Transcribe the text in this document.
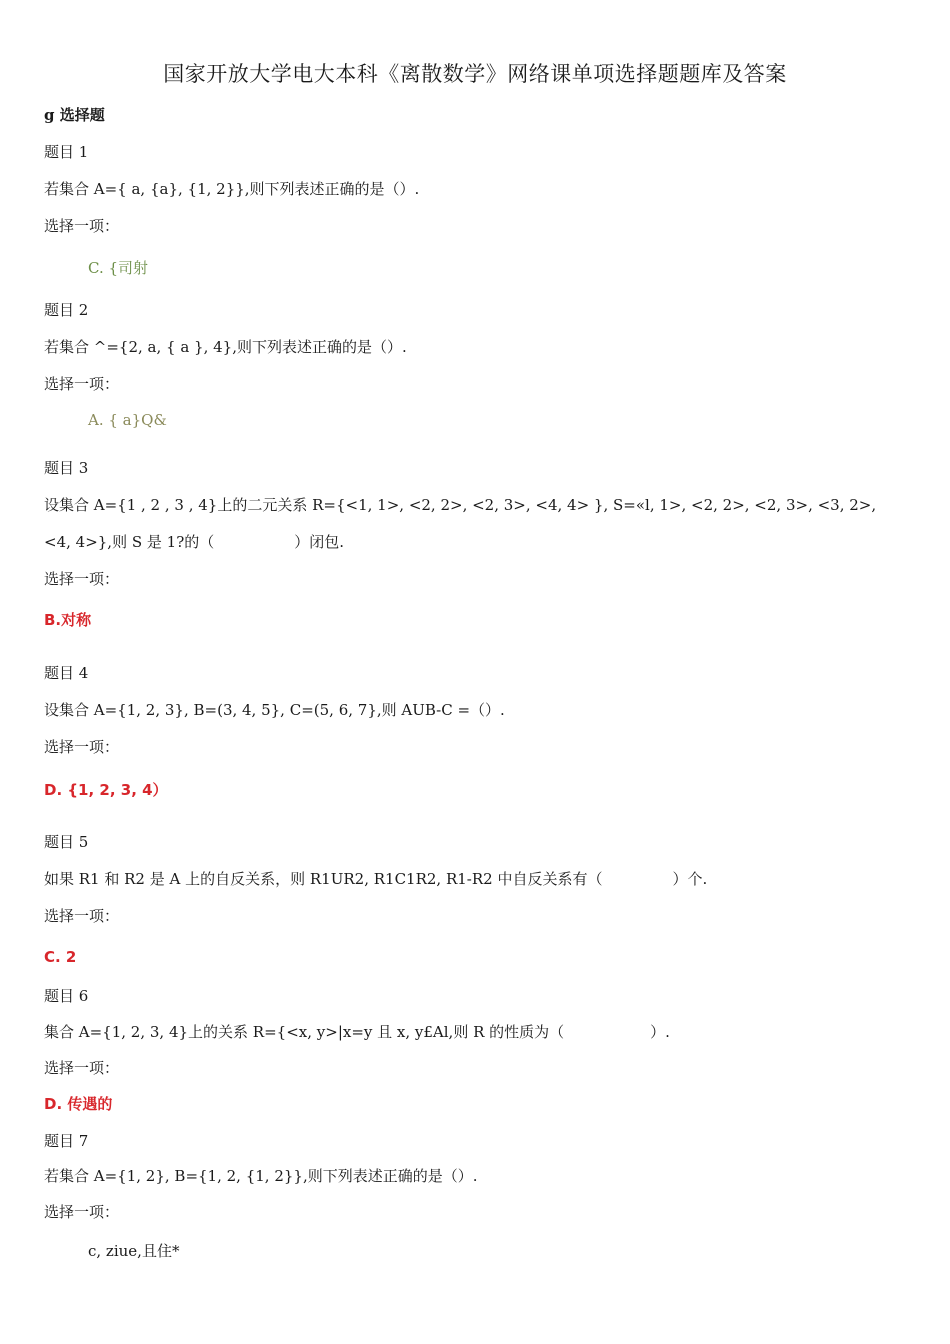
国家开放大学电大本科《离散数学》网络课单项选择题题库及答案
g 选择题
题目 1
若集合 A={ a, {a}, {1, 2}},则下列表述正确的是（）.
选择一项：
C. {司射
题目 2
若集合 ^={2, a, { a }, 4},则下列表述正确的是（）.
选择一项：
A. { a}Q&
题目 3
设集合 A={1 , 2 , 3 , 4}上的二元关系 R={<1, 1>, <2, 2>, <2, 3>, <4, 4> }, S=«l, 1>, <2, 2>, <2, 3>, <3, 2>,
<4, 4>},则 S 是 1?的（	）闭包.
选择一项：
B.对称
题目 4
设集合 A={1, 2, 3}, B=(3, 4, 5}, C=(5, 6, 7},则 AUB-C =（）.
选择一项：
D. {1, 2, 3, 4）
题目 5
如果 R1 和 R2 是 A 上的自反关系，则 R1UR2, R1C1R2, R1-R2 中自反关系有（	）个.
选择一项：
C. 2
题目 6
集合 A={1, 2, 3, 4}上的关系 R={<x, y>|x=y 且 x, y£Al,则 R 的性质为（	）.
选择一项：
D. 传遇的
题目 7
若集合 A={1, 2}, B={1, 2, {1, 2}},则下列表述正确的是（）.
选择一项：
c, ziue,且住*
